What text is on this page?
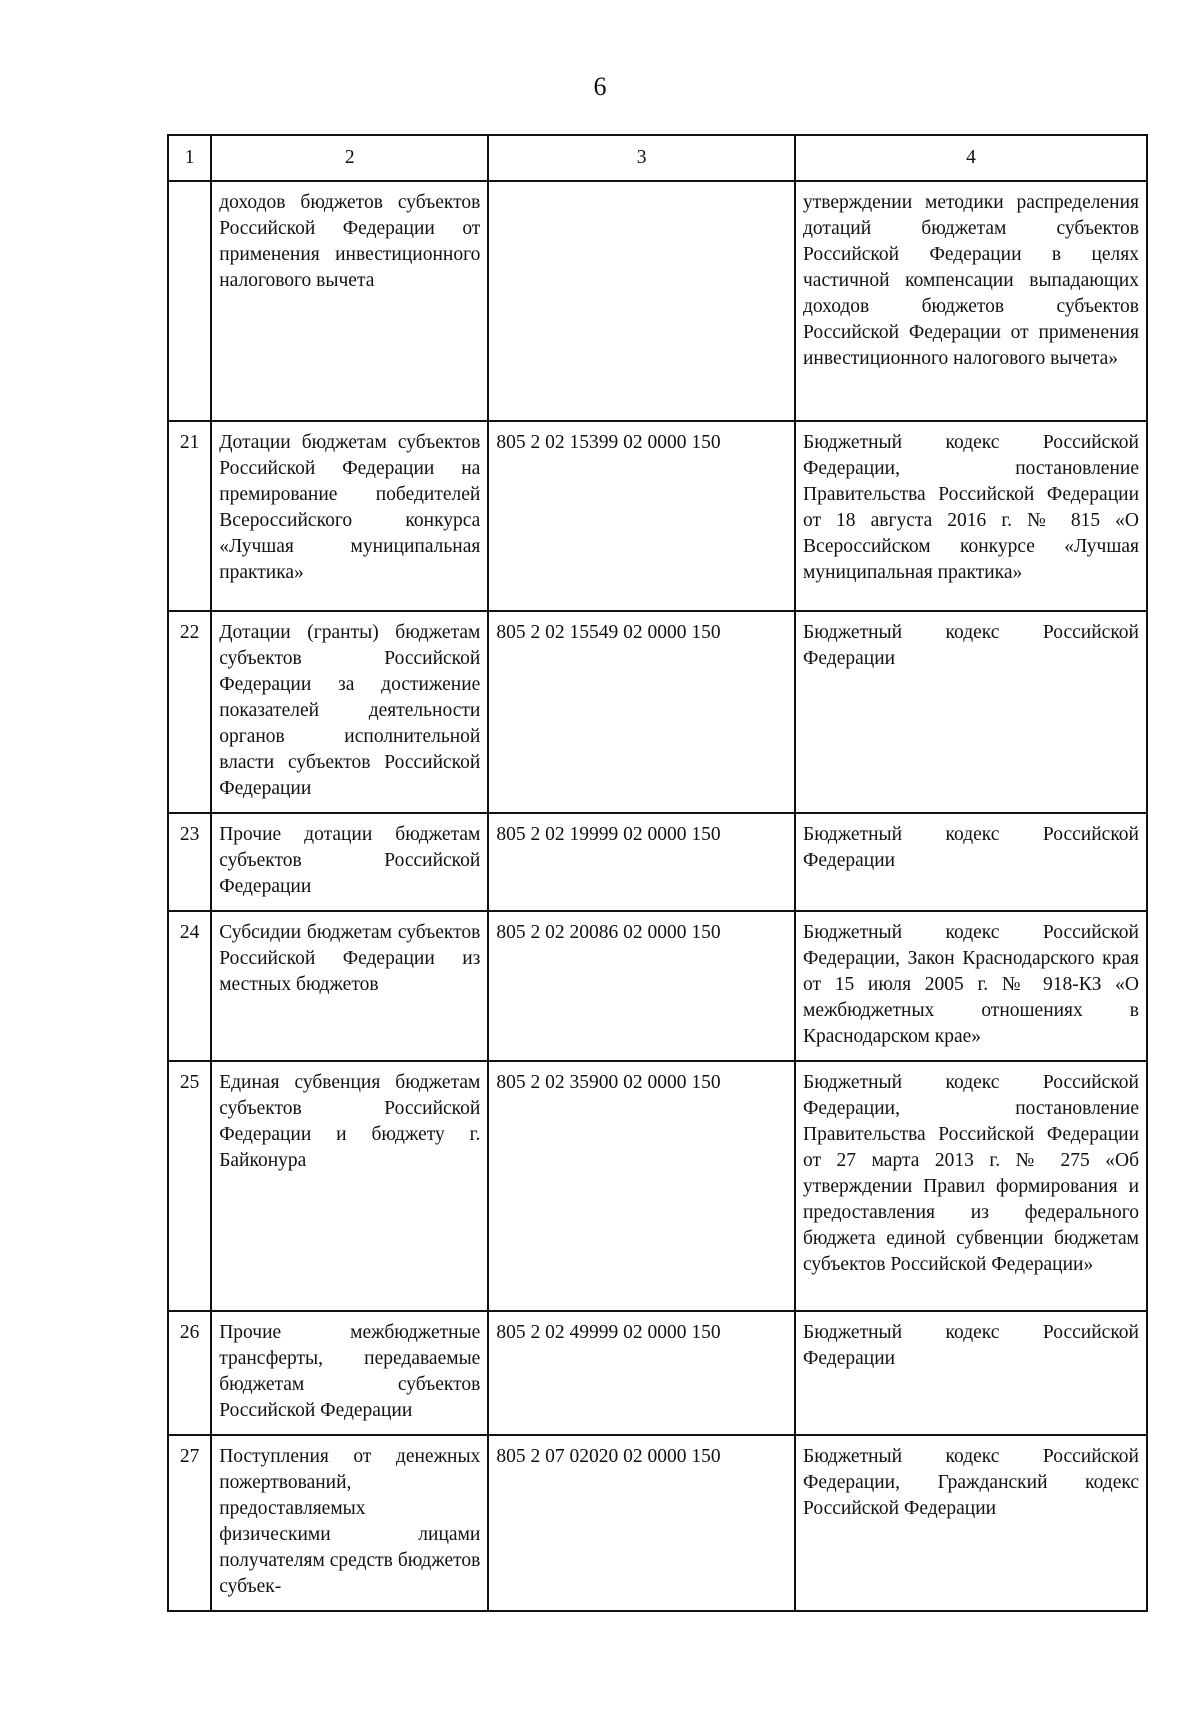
6
1	2	3	4
	доходов бюджетов субъектов Российской Федерации от применения инвестиционного налогового вычета		утверждении методики распределения дотаций бюджетам субъектов Российской Федерации в целях частичной компенсации выпадающих доходов бюджетов субъектов Российской Федерации от применения инвестиционного налогового вычета»
21	Дотации бюджетам субъектов Российской Федерации на премирование победителей Всероссийского конкурса «Лучшая муниципальная практика»	805 2 02 15399 02 0000 150	Бюджетный кодекс Российской Федерации, постановление Правительства Российской Федерации от 18 августа 2016 г. № 815 «О Всероссийском конкурсе «Лучшая муниципальная практика»
22	Дотации (гранты) бюджетам субъектов Российской Федерации за достижение показателей деятельности органов исполнительной власти субъектов Российской Федерации	805 2 02 15549 02 0000 150	Бюджетный кодекс Российской Федерации
23	Прочие дотации бюджетам субъектов Российской Федерации	805 2 02 19999 02 0000 150	Бюджетный кодекс Российской Федерации
24	Субсидии бюджетам субъектов Российской Федерации из местных бюджетов	805 2 02 20086 02 0000 150	Бюджетный кодекс Российской Федерации, Закон Краснодарского края от 15 июля 2005 г. № 918-КЗ «О межбюджетных отношениях в Краснодарском крае»
25	Единая субвенция бюджетам субъектов Российской Федерации и бюджету г. Байконура	805 2 02 35900 02 0000 150	Бюджетный кодекс Российской Федерации, постановление Правительства Российской Федерации от 27 марта 2013 г. № 275 «Об утверждении Правил формирования и предоставления из федерального бюджета единой субвенции бюджетам субъектов Российской Федерации»
26	Прочие межбюджетные трансферты, передаваемые бюджетам субъектов Российской Федерации	805 2 02 49999 02 0000 150	Бюджетный кодекс Российской Федерации
27	Поступления от денежных пожертвований, предоставляемых физическими лицами получателям средств бюджетов субъек-	805 2 07 02020 02 0000 150	Бюджетный кодекс Российской Федерации, Гражданский кодекс Российской Федерации
